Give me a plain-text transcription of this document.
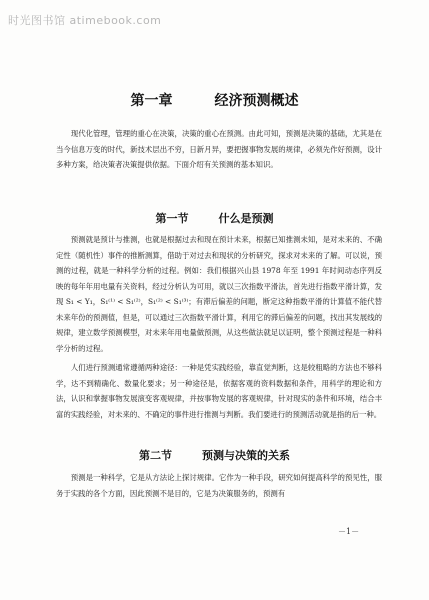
时光图书馆 atimebook.com
第一章	经济预测概述

现代化管理，管理的重心在决策，决策的重心在预测。由此可知，预测是决策的基础，尤其是在当今信息万变的时代，新技术层出不穷，日新月异，要把握事物发展的规律，必须先作好预测，设计多种方案，给决策者决策提供依据。下面介绍有关预测的基本知识。

第一节	什么是预测

预测就是预计与推测，也就是根据过去和现在预计未来，根据已知推测未知，是对未来的、不确定性（随机性）事件的推断测算，借助于对过去和现状的分析研究，探求对未来的了解。可以说，预测的过程，就是一种科学分析的过程。例如：我们根据兴山县 1978 年至 1991 年时间动态序列反映的每年年用电量有关资料，经过分析认为可用，就以三次指数平滑法，首先进行指数平滑计算，发现 S₁ < Y₁，S₁⁽¹⁾ < S₁⁽²⁾，S₁⁽²⁾ < S₁⁽³⁾；有滞后偏差的问题，断定这种指数平滑的计算值不能代替未来年份的预测值，但是，可以通过三次指数平滑计算，利用它的滞后偏差的问题，找出其发展线的规律，建立数学预测模型，对未来年用电量做预测，从这些做法就足以证明，整个预测过程是一种科学分析的过程。

人们进行预测通常遵循两种途径：一种是凭实践经验，靠直觉判断，这是较粗略的方法也不够科学，达不到精确化、数量化要求；另一种途径是，依据客观的资料数据和条件，用科学的理论和方法，认识和掌握事物发展演变客观规律，并按事物发展的客观规律，针对现实的条件和环境，结合丰富的实践经验，对未来的、不确定的事件进行推测与判断。我们要进行的预测活动就是指的后一种。

第二节	预测与决策的关系

预测是一种科学，它是从方法论上探讨规律。它作为一种手段，研究如何提高科学的预见性，服务于实践的各个方面，因此预测不是目的，它是为决策服务的，预测有

－1－
